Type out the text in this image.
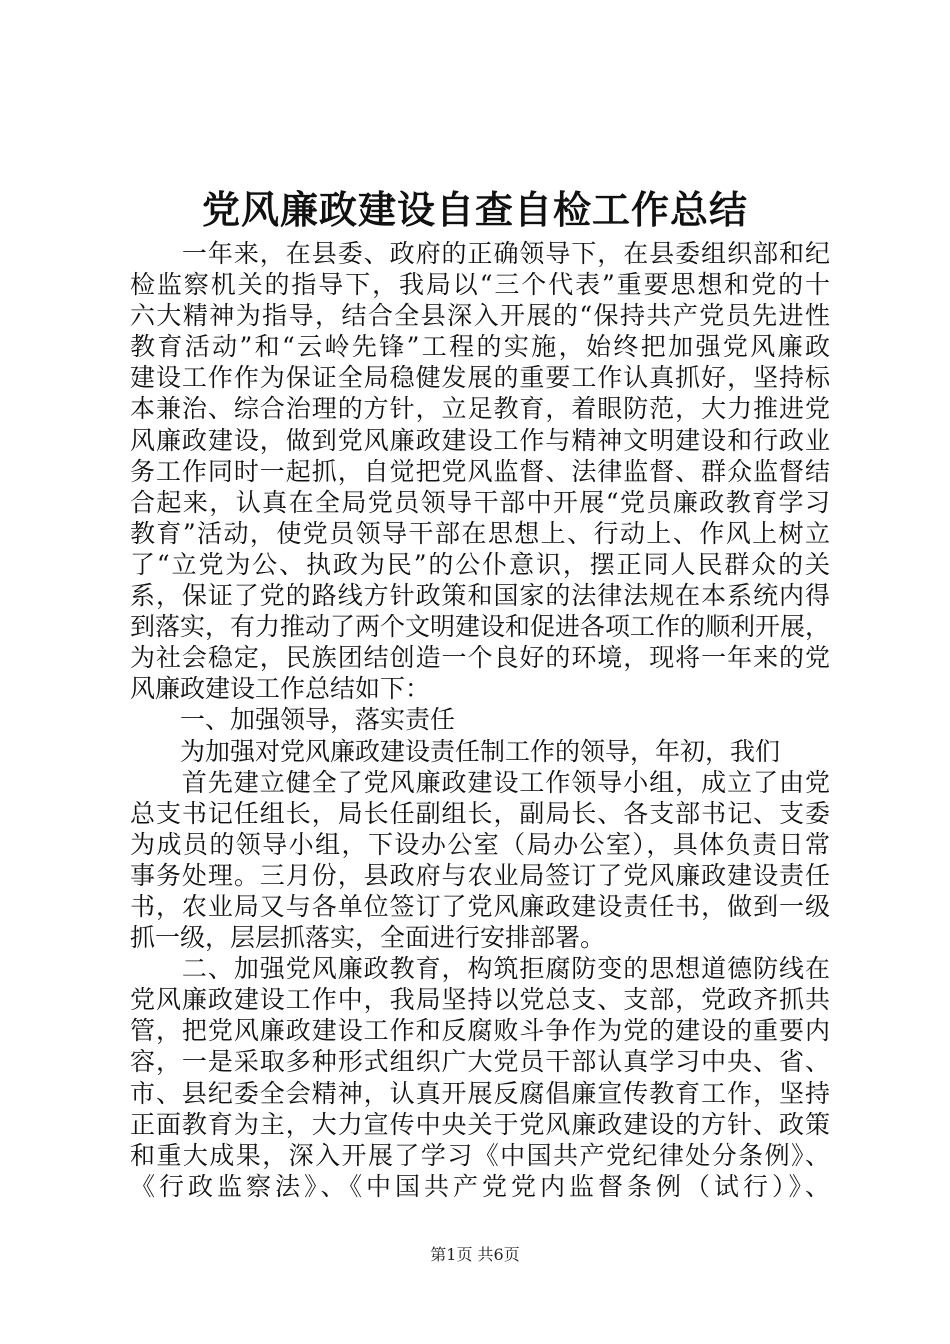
党风廉政建设自查自检工作总结
　　一年来，在县委、政府的正确领导下，在县委组织部和纪
检监察机关的指导下，我局以“三个代表”重要思想和党的十
六大精神为指导，结合全县深入开展的“保持共产党员先进性
教育活动”和“云岭先锋”工程的实施，始终把加强党风廉政
建设工作作为保证全局稳健发展的重要工作认真抓好，坚持标
本兼治、综合治理的方针，立足教育，着眼防范，大力推进党
风廉政建设，做到党风廉政建设工作与精神文明建设和行政业
务工作同时一起抓，自觉把党风监督、法律监督、群众监督结
合起来，认真在全局党员领导干部中开展“党员廉政教育学习
教育”活动，使党员领导干部在思想上、行动上、作风上树立
了“立党为公、执政为民”的公仆意识，摆正同人民群众的关
系，保证了党的路线方针政策和国家的法律法规在本系统内得
到落实，有力推动了两个文明建设和促进各项工作的顺利开展，
为社会稳定，民族团结创造一个良好的环境，现将一年来的党
风廉政建设工作总结如下：
　　一、加强领导，落实责任
　　为加强对党风廉政建设责任制工作的领导，年初，我们
　　首先建立健全了党风廉政建设工作领导小组，成立了由党
总支书记任组长，局长任副组长，副局长、各支部书记、支委
为成员的领导小组，下设办公室（局办公室），具体负责日常
事务处理。三月份，县政府与农业局签订了党风廉政建设责任
书，农业局又与各单位签订了党风廉政建设责任书，做到一级
抓一级，层层抓落实，全面进行安排部署。
　　二、加强党风廉政教育，构筑拒腐防变的思想道德防线在
党风廉政建设工作中，我局坚持以党总支、支部，党政齐抓共
管，把党风廉政建设工作和反腐败斗争作为党的建设的重要内
容，一是采取多种形式组织广大党员干部认真学习中央、省、
市、县纪委全会精神，认真开展反腐倡廉宣传教育工作，坚持
正面教育为主，大力宣传中央关于党风廉政建设的方针、政策
和重大成果，深入开展了学习《中国共产党纪律处分条例》、
《行政监察法》、《中国共产党党内监督条例（试行）》、
第1页 共6页
